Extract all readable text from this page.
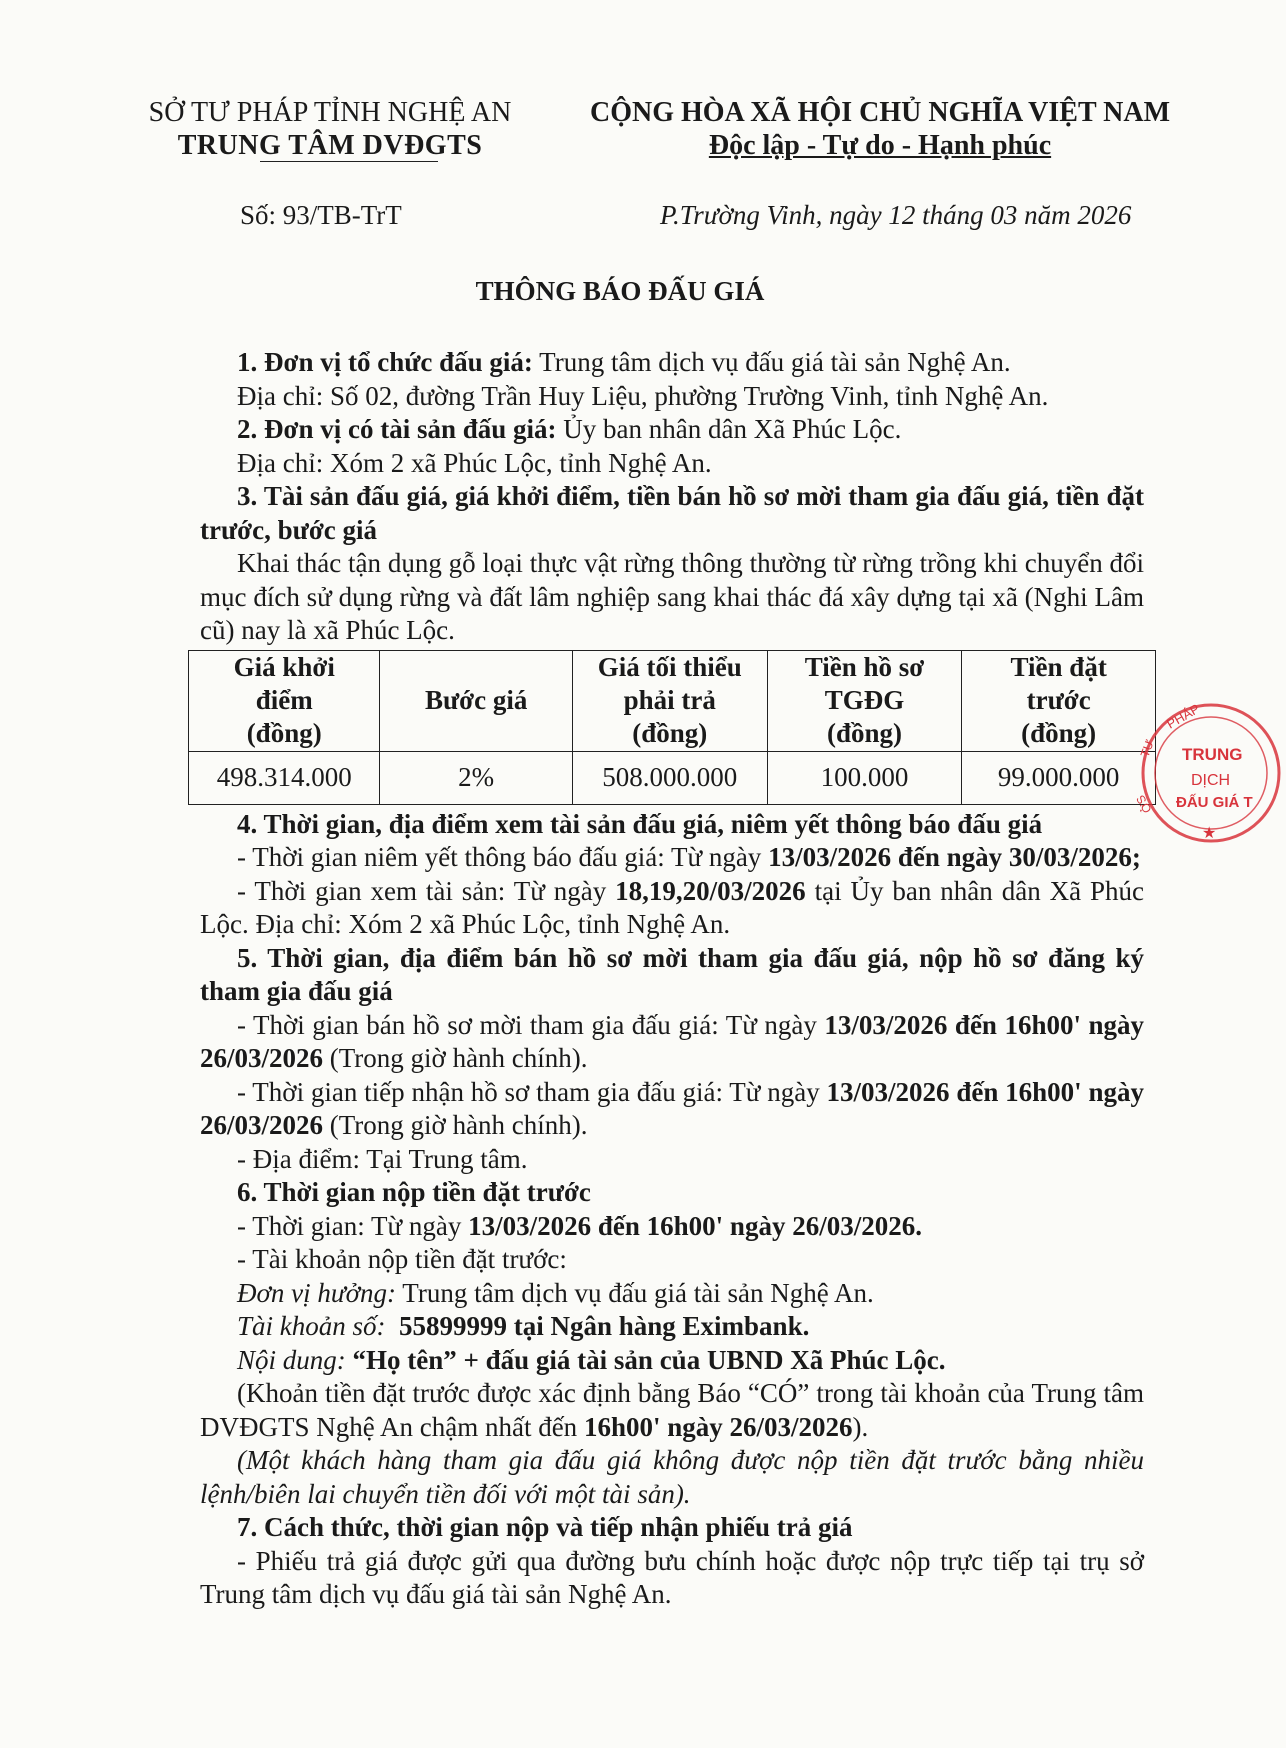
SỞ TƯ PHÁP TỈNH NGHỆ AN
TRUNG TÂM DVĐGTS
CỘNG HÒA XÃ HỘI CHỦ NGHĨA VIỆT NAM
Độc lập - Tự do - Hạnh phúc
Số: 93/TB-TrT	P.Trường Vinh, ngày 12 tháng 03 năm 2026
THÔNG BÁO ĐẤU GIÁ

1. Đơn vị tổ chức đấu giá: Trung tâm dịch vụ đấu giá tài sản Nghệ An.

Địa chỉ: Số 02, đường Trần Huy Liệu, phường Trường Vinh, tỉnh Nghệ An.

2. Đơn vị có tài sản đấu giá: Ủy ban nhân dân Xã Phúc Lộc.

Địa chỉ: Xóm 2 xã Phúc Lộc, tỉnh Nghệ An.

3. Tài sản đấu giá, giá khởi điểm, tiền bán hồ sơ mời tham gia đấu giá, tiền đặt trước, bước giá

Khai thác tận dụng gỗ loại thực vật rừng thông thường từ rừng trồng khi chuyển đổi mục đích sử dụng rừng và đất lâm nghiệp sang khai thác đá xây dựng tại xã (Nghi Lâm cũ) nay là xã Phúc Lộc.

Giá khởi
điểm
(đồng)	Bước giá	Giá tối thiểu
phải trả
(đồng)	Tiền hồ sơ
TGĐG
(đồng)	Tiền đặt
trước
(đồng)
498.314.000	2%	508.000.000	100.000	99.000.000

4. Thời gian, địa điểm xem tài sản đấu giá, niêm yết thông báo đấu giá

- Thời gian niêm yết thông báo đấu giá: Từ ngày 13/03/2026 đến ngày 30/03/2026;

- Thời gian xem tài sản: Từ ngày 18,19,20/03/2026 tại Ủy ban nhân dân Xã Phúc Lộc. Địa chỉ: Xóm 2 xã Phúc Lộc, tỉnh Nghệ An.

5. Thời gian, địa điểm bán hồ sơ mời tham gia đấu giá, nộp hồ sơ đăng ký tham gia đấu giá

- Thời gian bán hồ sơ mời tham gia đấu giá: Từ ngày 13/03/2026 đến 16h00' ngày 26/03/2026 (Trong giờ hành chính).

- Thời gian tiếp nhận hồ sơ tham gia đấu giá: Từ ngày 13/03/2026 đến 16h00' ngày 26/03/2026 (Trong giờ hành chính).

- Địa điểm: Tại Trung tâm.

6. Thời gian nộp tiền đặt trước

- Thời gian: Từ ngày 13/03/2026 đến 16h00' ngày 26/03/2026.

- Tài khoản nộp tiền đặt trước:

Đơn vị hưởng: Trung tâm dịch vụ đấu giá tài sản Nghệ An.

Tài khoản số:  55899999 tại Ngân hàng Eximbank.

Nội dung: “Họ tên” + đấu giá tài sản của UBND Xã Phúc Lộc.

(Khoản tiền đặt trước được xác định bằng Báo “CÓ” trong tài khoản của Trung tâm DVĐGTS Nghệ An chậm nhất đến 16h00' ngày 26/03/2026).

(Một khách hàng tham gia đấu giá không được nộp tiền đặt trước bằng nhiều lệnh/biên lai chuyển tiền đối với một tài sản).

7. Cách thức, thời gian nộp và tiếp nhận phiếu trả giá

- Phiếu trả giá được gửi qua đường bưu chính hoặc được nộp trực tiếp tại trụ sở Trung tâm dịch vụ đấu giá tài sản Nghệ An.

PHÁP
TƯ
ỞS
TRUNG
DỊCH
ĐẤU GIÁ T
★
